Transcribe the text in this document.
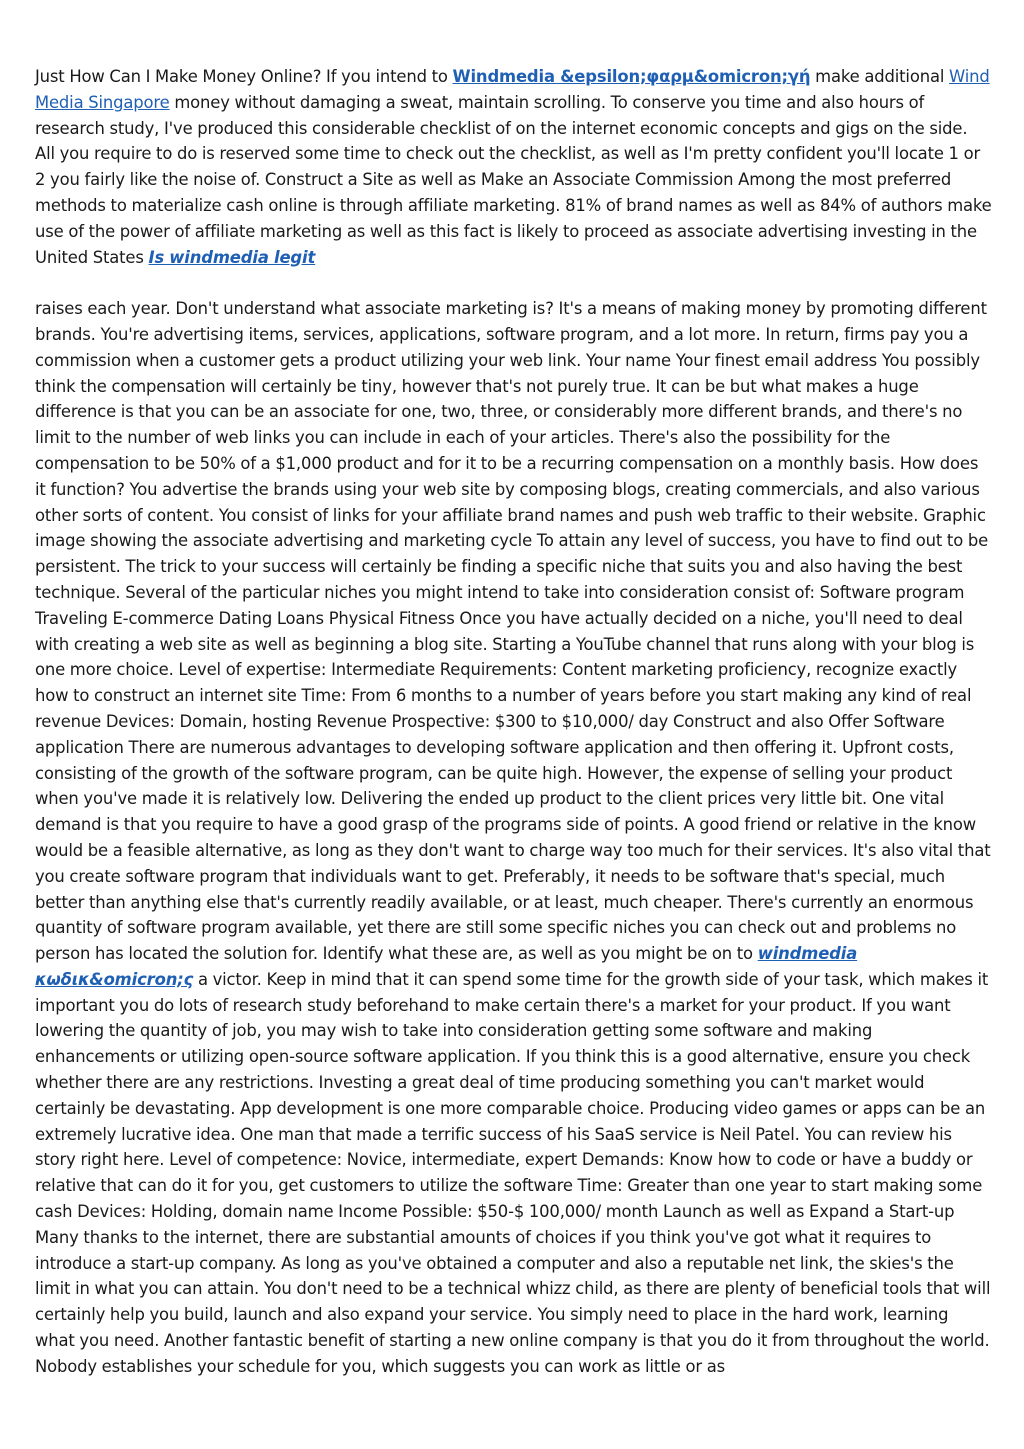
Just How Can I Make Money Online? If you intend to Windmedia &epsilon;φαρμ&omicron;γή make additional Wind Media Singapore money without damaging a sweat, maintain scrolling. To conserve you time and also hours of research study, I've produced this considerable checklist of on the internet economic concepts and gigs on the side. All you require to do is reserved some time to check out the checklist, as well as I'm pretty confident you'll locate 1 or 2 you fairly like the noise of. Construct a Site as well as Make an Associate Commission Among the most preferred methods to materialize cash online is through affiliate marketing. 81% of brand names as well as 84% of authors make use of the power of affiliate marketing as well as this fact is likely to proceed as associate advertising investing in the United States Is windmedia legit

raises each year. Don't understand what associate marketing is? It's a means of making money by promoting different brands. You're advertising items, services, applications, software program, and a lot more. In return, firms pay you a commission when a customer gets a product utilizing your web link. Your name Your finest email address You possibly think the compensation will certainly be tiny, however that's not purely true. It can be but what makes a huge difference is that you can be an associate for one, two, three, or considerably more different brands, and there's no limit to the number of web links you can include in each of your articles. There's also the possibility for the compensation to be 50% of a $1,000 product and for it to be a recurring compensation on a monthly basis. How does it function? You advertise the brands using your web site by composing blogs, creating commercials, and also various other sorts of content. You consist of links for your affiliate brand names and push web traffic to their website. Graphic image showing the associate advertising and marketing cycle To attain any level of success, you have to find out to be persistent. The trick to your success will certainly be finding a specific niche that suits you and also having the best technique. Several of the particular niches you might intend to take into consideration consist of: Software program Traveling E-commerce Dating Loans Physical Fitness Once you have actually decided on a niche, you'll need to deal with creating a web site as well as beginning a blog site. Starting a YouTube channel that runs along with your blog is one more choice. Level of expertise: Intermediate Requirements: Content marketing proficiency, recognize exactly how to construct an internet site Time: From 6 months to a number of years before you start making any kind of real revenue Devices: Domain, hosting Revenue Prospective: $300 to $10,000/ day Construct and also Offer Software application There are numerous advantages to developing software application and then offering it. Upfront costs, consisting of the growth of the software program, can be quite high. However, the expense of selling your product when you've made it is relatively low. Delivering the ended up product to the client prices very little bit. One vital demand is that you require to have a good grasp of the programs side of points. A good friend or relative in the know would be a feasible alternative, as long as they don't want to charge way too much for their services. It's also vital that you create software program that individuals want to get. Preferably, it needs to be software that's special, much better than anything else that's currently readily available, or at least, much cheaper. There's currently an enormous quantity of software program available, yet there are still some specific niches you can check out and problems no person has located the solution for. Identify what these are, as well as you might be on to windmedia κωδικ&omicron;ς a victor. Keep in mind that it can spend some time for the growth side of your task, which makes it important you do lots of research study beforehand to make certain there's a market for your product. If you want lowering the quantity of job, you may wish to take into consideration getting some software and making enhancements or utilizing open-source software application. If you think this is a good alternative, ensure you check whether there are any restrictions. Investing a great deal of time producing something you can't market would certainly be devastating. App development is one more comparable choice. Producing video games or apps can be an extremely lucrative idea. One man that made a terrific success of his SaaS service is Neil Patel. You can review his story right here. Level of competence: Novice, intermediate, expert Demands: Know how to code or have a buddy or relative that can do it for you, get customers to utilize the software Time: Greater than one year to start making some cash Devices: Holding, domain name Income Possible: $50-$ 100,000/ month Launch as well as Expand a Start-up Many thanks to the internet, there are substantial amounts of choices if you think you've got what it requires to introduce a start-up company. As long as you've obtained a computer and also a reputable net link, the skies's the limit in what you can attain. You don't need to be a technical whizz child, as there are plenty of beneficial tools that will certainly help you build, launch and also expand your service. You simply need to place in the hard work, learning what you need. Another fantastic benefit of starting a new online company is that you do it from throughout the world. Nobody establishes your schedule for you, which suggests you can work as little or as
